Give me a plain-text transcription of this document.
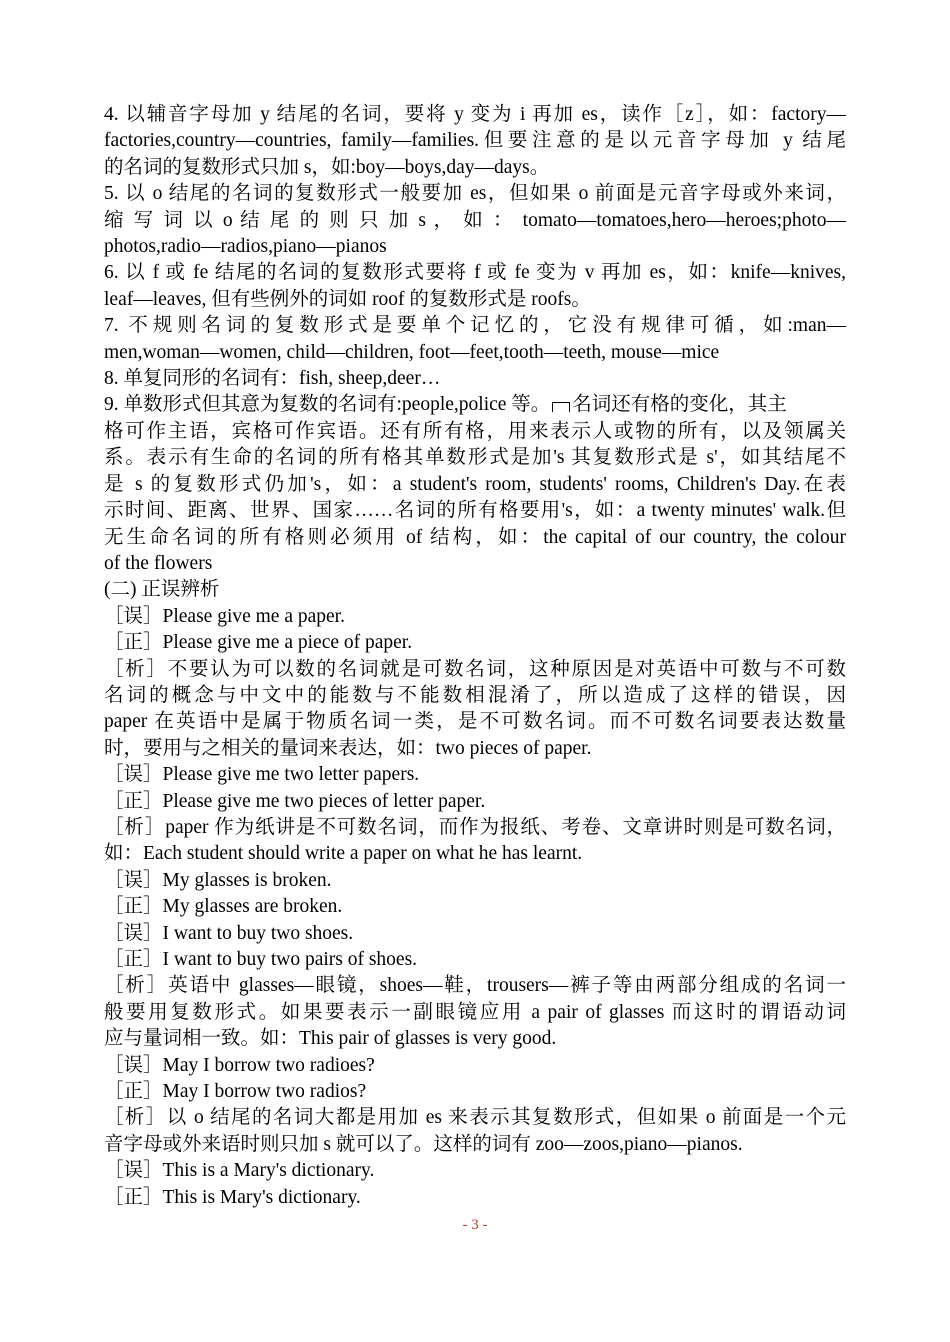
4. 以辅音字母加 y 结尾的名词，要将 y 变为 i 再加 es，读作［z］，如：factory—
factories,country—countries, family—families.但要注意的是以元音字母加 y 结尾
的名词的复数形式只加 s，如:boy—boys,day—days。
5. 以 o 结尾的名词的复数形式一般要加 es，但如果 o 前面是元音字母或外来词，
缩 写 词 以 o 结 尾 的 则 只 加 s ， 如 ： tomato—tomatoes,hero—heroes;photo—
photos,radio—radios,piano—pianos
6. 以 f 或 fe 结尾的名词的复数形式要将 f 或 fe 变为 v 再加 es，如：knife—knives,
leaf—leaves, 但有些例外的词如 roof 的复数形式是 roofs。
7. 不规则名词的复数形式是要单个记忆的，它没有规律可循，如:man—
men,woman—women, child—children, foot—feet,tooth—teeth, mouse—mice
8. 单复同形的名词有：fish, sheep,deer…
9. 单数形式但其意为复数的名词有:people,police 等。 名词还有格的变化，其主
格可作主语，宾格可作宾语。还有所有格，用来表示人或物的所有，以及领属关
系。表示有生命的名词的所有格其单数形式是加's 其复数形式是 s'，如其结尾不
是 s 的复数形式仍加's，如：a student's room, students' rooms, Children's Day.在表
示时间、距离、世界、国家……名词的所有格要用's，如：a twenty minutes' walk.但
无生命名词的所有格则必须用 of 结构，如：the capital of our country, the colour
of the flowers
(二) 正误辨析
［误］Please give me a paper.
［正］Please give me a piece of paper.
［析］不要认为可以数的名词就是可数名词，这种原因是对英语中可数与不可数
名词的概念与中文中的能数与不能数相混淆了，所以造成了这样的错误，因
paper 在英语中是属于物质名词一类，是不可数名词。而不可数名词要表达数量
时，要用与之相关的量词来表达，如：two pieces of paper.
［误］Please give me two letter papers.
［正］Please give me two pieces of letter paper.
［析］paper 作为纸讲是不可数名词，而作为报纸、考卷、文章讲时则是可数名词，
如：Each student should write a paper on what he has learnt.
［误］My glasses is broken.
［正］My glasses are broken.
［误］I want to buy two shoes.
［正］I want to buy two pairs of shoes.
［析］英语中 glasses—眼镜，shoes—鞋，trousers—裤子等由两部分组成的名词一
般要用复数形式。如果要表示一副眼镜应用 a pair of glasses 而这时的谓语动词
应与量词相一致。如：This pair of glasses is very good.
［误］May I borrow two radioes?
［正］May I borrow two radios?
［析］以 o 结尾的名词大都是用加 es 来表示其复数形式，但如果 o 前面是一个元
音字母或外来语时则只加 s 就可以了。这样的词有 zoo—zoos,piano—pianos.
［误］This is a Mary's dictionary.
［正］This is Mary's dictionary.
- 3 -
